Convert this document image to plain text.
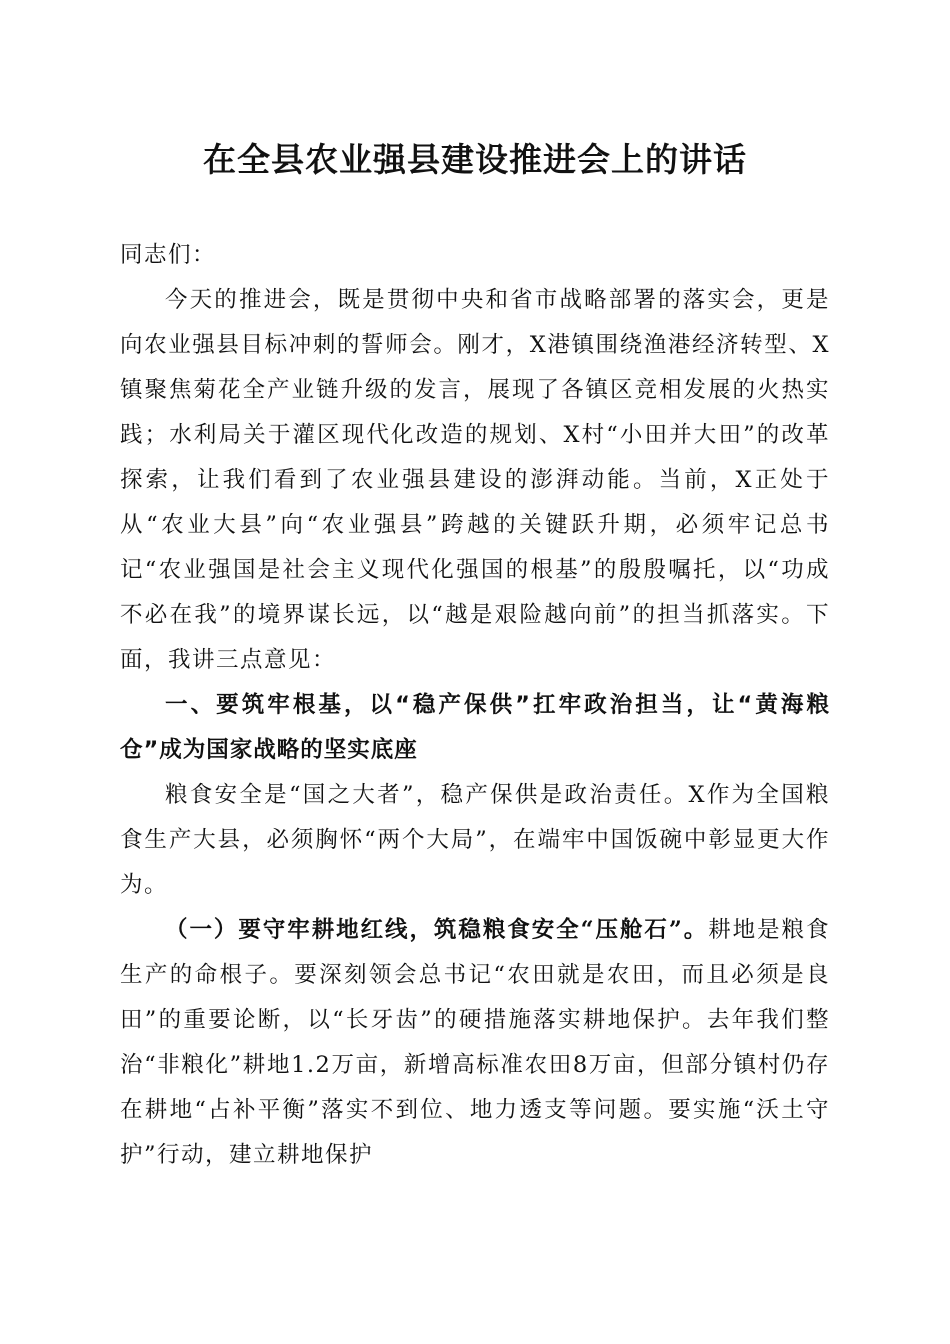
在全县农业强县建设推进会上的讲话

同志们：

今天的推进会，既是贯彻中央和省市战略部署的落实会，更是向农业强县目标冲刺的誓师会。刚才，X港镇围绕渔港经济转型、X镇聚焦菊花全产业链升级的发言，展现了各镇区竞相发展的火热实践；水利局关于灌区现代化改造的规划、X村“小田并大田”的改革探索，让我们看到了农业强县建设的澎湃动能。当前，X正处于从“农业大县”向“农业强县”跨越的关键跃升期，必须牢记总书记“农业强国是社会主义现代化强国的根基”的殷殷嘱托，以“功成不必在我”的境界谋长远，以“越是艰险越向前”的担当抓落实。下面，我讲三点意见：

一、要筑牢根基，以“稳产保供”扛牢政治担当，让“黄海粮仓”成为国家战略的坚实底座

粮食安全是“国之大者”，稳产保供是政治责任。X作为全国粮食生产大县，必须胸怀“两个大局”，在端牢中国饭碗中彰显更大作为。

（一）要守牢耕地红线，筑稳粮食安全“压舱石”。耕地是粮食生产的命根子。要深刻领会总书记“农田就是农田，而且必须是良田”的重要论断，以“长牙齿”的硬措施落实耕地保护。去年我们整治“非粮化”耕地1.2万亩，新增高标准农田8万亩，但部分镇村仍存在耕地“占补平衡”落实不到位、地力透支等问题。要实施“沃土守护”行动，建立耕地保护
